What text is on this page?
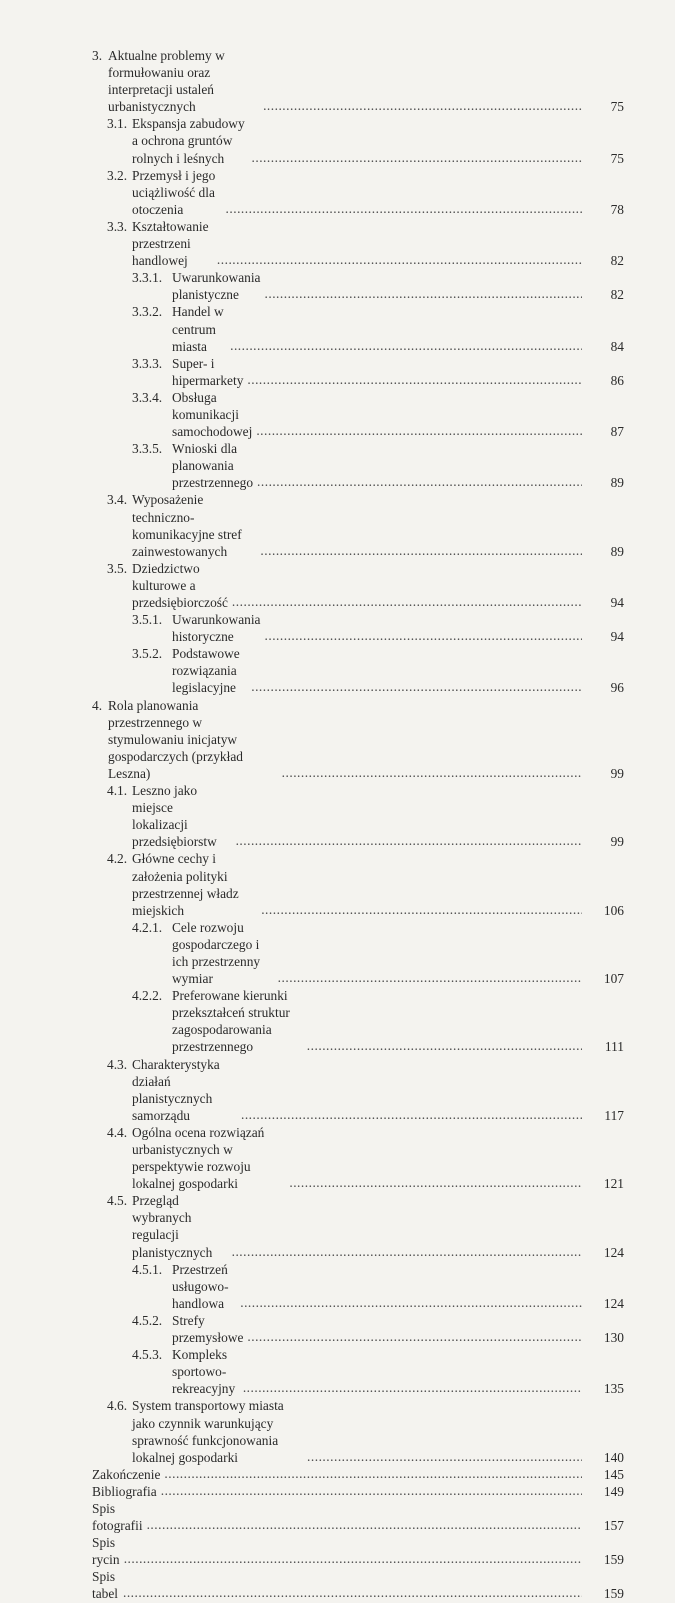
3. Aktualne problemy w formułowaniu oraz interpretacji ustaleń urbanistycznych .....	75
3.1. Ekspansja zabudowy a ochrona gruntów rolnych i leśnych .....	75
3.2. Przemysł i jego uciążliwość dla otoczenia .....	78
3.3. Kształtowanie przestrzeni handlowej .....	82
3.3.1. Uwarunkowania planistyczne .....	82
3.3.2. Handel w centrum miasta .....	84
3.3.3. Super- i hipermarkety .....	86
3.3.4. Obsługa komunikacji samochodowej .....	87
3.3.5. Wnioski dla planowania przestrzennego .....	89
3.4. Wyposażenie techniczno-komunikacyjne stref zainwestowanych .....	89
3.5. Dziedzictwo kulturowe a przedsiębiorczość .....	94
3.5.1. Uwarunkowania historyczne .....	94
3.5.2. Podstawowe rozwiązania legislacyjne .....	96
4. Rola planowania przestrzennego w stymulowaniu inicjatyw gospodarczych (przykład Leszna) .....	99
4.1. Leszno jako miejsce lokalizacji przedsiębiorstw .....	99
4.2. Główne cechy i założenia polityki przestrzennej władz miejskich .....	106
4.2.1. Cele rozwoju gospodarczego i ich przestrzenny wymiar .....	107
4.2.2. Preferowane kierunki przekształceń struktur zagospodarowania przestrzennego .....	111
4.3. Charakterystyka działań planistycznych samorządu .....	117
4.4. Ogólna ocena rozwiązań urbanistycznych w perspektywie rozwoju lokalnej gospodarki .....	121
4.5. Przegląd wybranych regulacji planistycznych .....	124
4.5.1. Przestrzeń usługowo-handlowa .....	124
4.5.2. Strefy przemysłowe .....	130
4.5.3. Kompleks sportowo-rekreacyjny .....	135
4.6. System transportowy miasta jako czynnik warunkujący sprawność funkcjonowania lokalnej gospodarki .....	140
Zakończenie .....	145
Bibliografia .....	149
Spis fotografii .....	157
Spis rycin .....	159
Spis tabel .....	159
